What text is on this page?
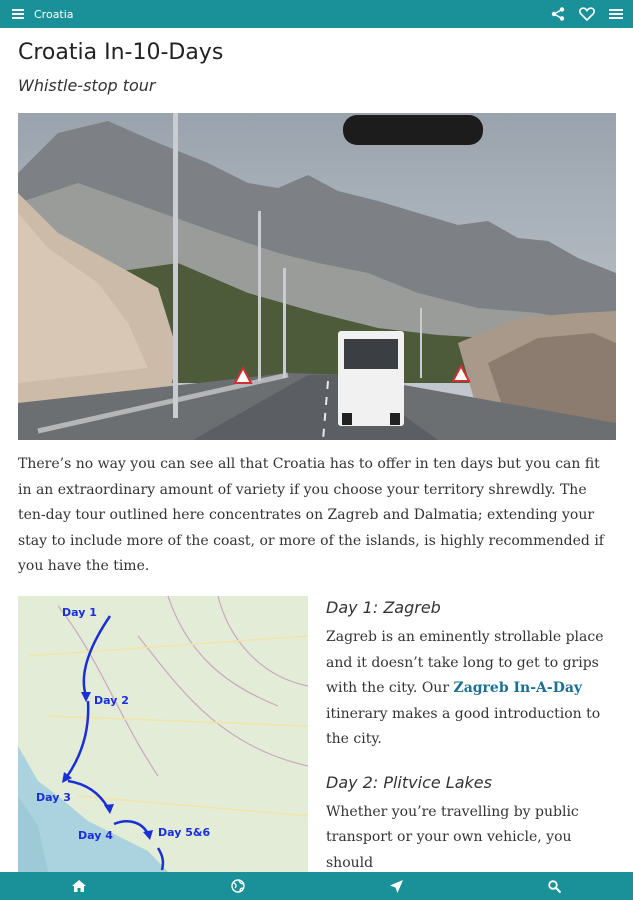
Croatia
Croatia In-10-Days

Whistle-stop tour

There’s no way you can see all that Croatia has to offer in ten days but you can fit in an extraordinary amount of variety if you choose your territory shrewdly. The ten-day tour outlined here concentrates on Zagreb and Dalmatia; extending your stay to include more of the coast, or more of the islands, is highly recommended if you have the time.

Day 1
Day 2
Day 3
Day 4	Day 5&6
Day 1: Zagreb

Zagreb is an eminently strollable place and it doesn’t take long to get to grips with the city. Our Zagreb In-A-Day itinerary makes a good introduction to the city.

Day 2: Plitvice Lakes

Whether you’re travelling by public transport or your own vehicle, you should
